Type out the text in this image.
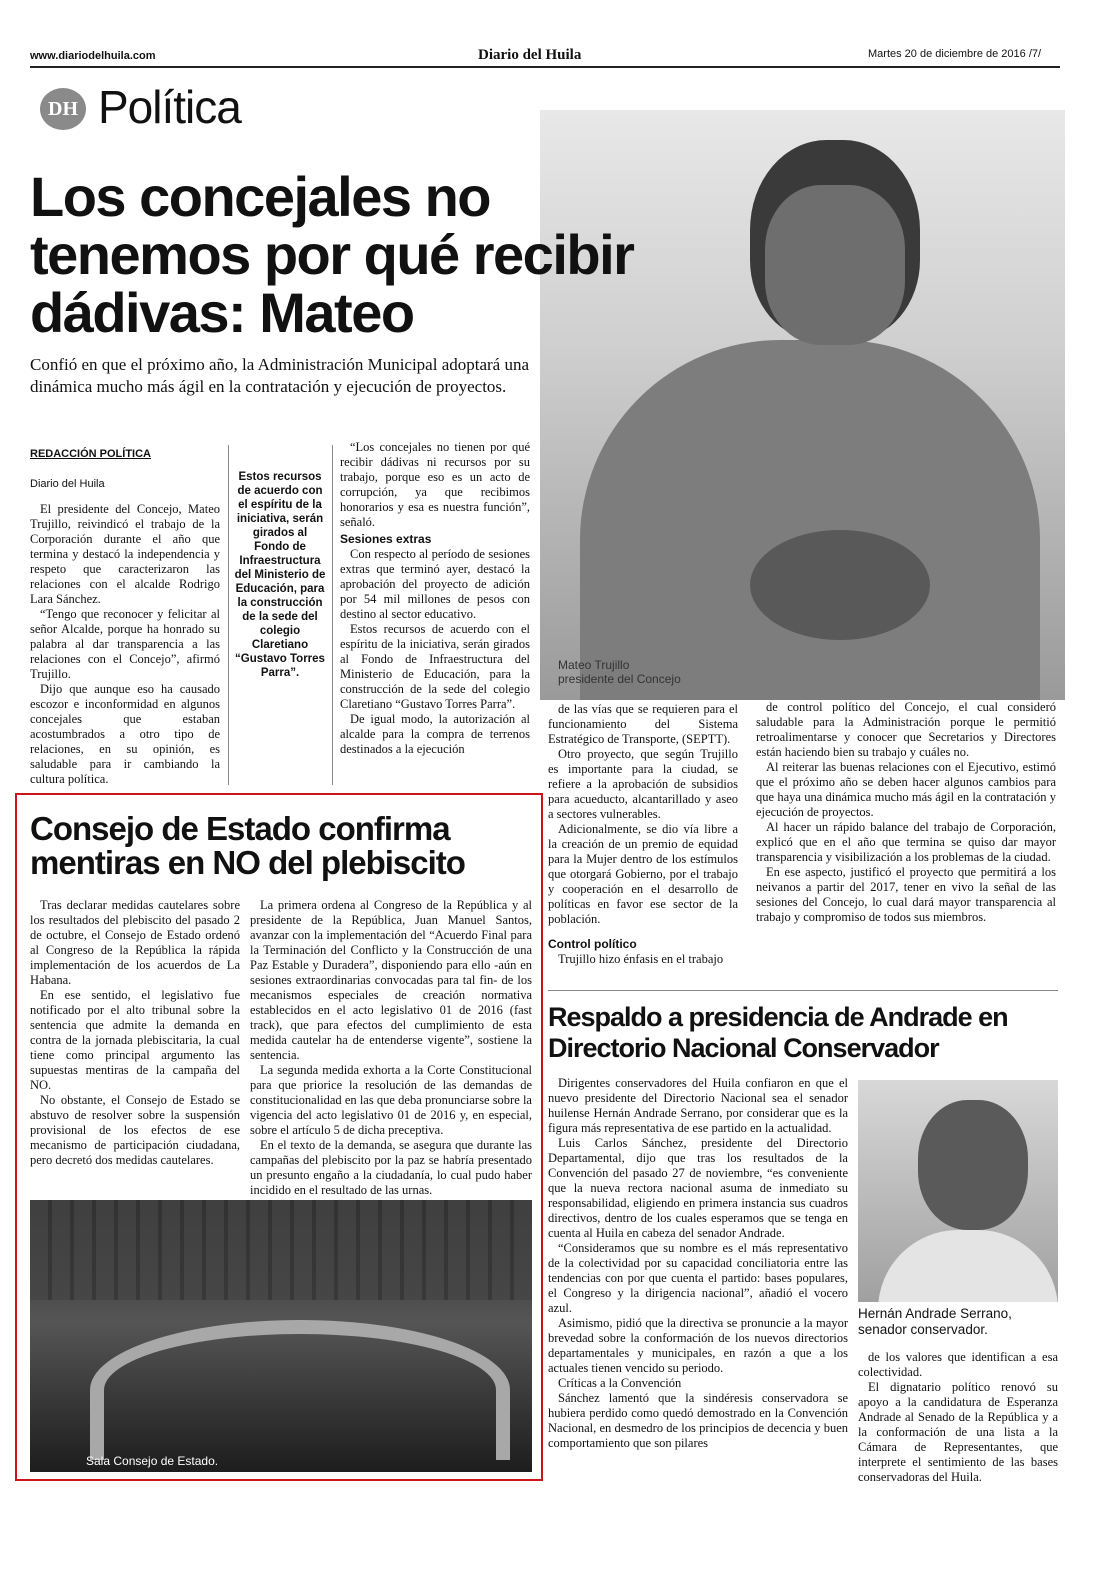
www.diariodelhuila.com	Diario del Huila	Martes 20 de diciembre de 2016 /7/
DH Política
Mateo Trujillo
presidente del Concejo
Los concejales no tenemos por qué recibir dádivas: Mateo
Confió en que el próximo año, la Administración Municipal adoptará una dinámica mucho más ágil en la contratación y ejecución de proyectos.
REDACCIÓN POLÍTICA
Diario del Huila

El presidente del Concejo, Mateo Trujillo, reivindicó el trabajo de la Corporación durante el año que termina y destacó la independencia y respeto que caracterizaron las relaciones con el alcalde Rodrigo Lara Sánchez.

“Tengo que reconocer y felicitar al señor Alcalde, porque ha honrado su palabra al dar transparencia a las relaciones con el Concejo”, afirmó Trujillo.

Dijo que aunque eso ha causado escozor e inconformidad en algunos concejales que estaban acostumbrados a otro tipo de relaciones, en su opinión, es saludable para ir cambiando la cultura política.

Estos recursos de acuerdo con el espíritu de la iniciativa, serán girados al Fondo de Infraestructura del Ministerio de Educación, para la construcción de la sede del colegio Claretiano “Gustavo Torres Parra”.

“Los concejales no tienen por qué recibir dádivas ni recursos por su trabajo, porque eso es un acto de corrupción, ya que recibimos honorarios y esa es nuestra función”, señaló.

Sesiones extras

Con respecto al período de sesiones extras que terminó ayer, destacó la aprobación del proyecto de adición por 54 mil millones de pesos con destino al sector educativo.

Estos recursos de acuerdo con el espíritu de la iniciativa, serán girados al Fondo de Infraestructura del Ministerio de Educación, para la construcción de la sede del colegio Claretiano “Gustavo Torres Parra”.

De igual modo, la autorización al alcalde para la compra de terrenos destinados a la ejecución

de las vías que se requieren para el funcionamiento del Sistema Estratégico de Transporte, (SEPTT).

Otro proyecto, que según Trujillo es importante para la ciudad, se refiere a la aprobación de subsidios para acueducto, alcantarillado y aseo a sectores vulnerables.

Adicionalmente, se dio vía libre a la creación de un premio de equidad para la Mujer dentro de los estímulos que otorgará Gobierno, por el trabajo y cooperación en el desarrollo de políticas en favor ese sector de la población.

Control político

Trujillo hizo énfasis en el trabajo

de control político del Concejo, el cual consideró saludable para la Administración porque le permitió retroalimentarse y conocer que Secretarios y Directores están haciendo bien su trabajo y cuáles no.

Al reiterar las buenas relaciones con el Ejecutivo, estimó que el próximo año se deben hacer algunos cambios para que haya una dinámica mucho más ágil en la contratación y ejecución de proyectos.

Al hacer un rápido balance del trabajo de Corporación, explicó que en el año que termina se quiso dar mayor transparencia y visibilización a los problemas de la ciudad.

En ese aspecto, justificó el proyecto que permitirá a los neivanos a partir del 2017, tener en vivo la señal de las sesiones del Concejo, lo cual dará mayor transparencia al trabajo y compromiso de todos sus miembros.

Consejo de Estado confirma mentiras en NO del plebiscito

Tras declarar medidas cautelares sobre los resultados del plebiscito del pasado 2 de octubre, el Consejo de Estado ordenó al Congreso de la República la rápida implementación de los acuerdos de La Habana.

En ese sentido, el legislativo fue notificado por el alto tribunal sobre la sentencia que admite la demanda en contra de la jornada plebiscitaria, la cual tiene como principal argumento las supuestas mentiras de la campaña del NO.

No obstante, el Consejo de Estado se abstuvo de resolver sobre la suspensión provisional de los efectos de ese mecanismo de participación ciudadana, pero decretó dos medidas cautelares.

La primera ordena al Congreso de la República y al presidente de la República, Juan Manuel Santos, avanzar con la implementación del “Acuerdo Final para la Terminación del Conflicto y la Construcción de una Paz Estable y Duradera”, disponiendo para ello -aún en sesiones extraordinarias convocadas para tal fin- de los mecanismos especiales de creación normativa establecidos en el acto legislativo 01 de 2016 (fast track), que para efectos del cumplimiento de esta medida cautelar ha de entenderse vigente”, sostiene la sentencia.

La segunda medida exhorta a la Corte Constitucional para que priorice la resolución de las demandas de constitucionalidad en las que deba pronunciarse sobre la vigencia del acto legislativo 01 de 2016 y, en especial, sobre el artículo 5 de dicha preceptiva.

En el texto de la demanda, se asegura que durante las campañas del plebiscito por la paz se habría presentado un presunto engaño a la ciudadanía, lo cual pudo haber incidido en el resultado de las urnas.

Sala Consejo de Estado.
Respaldo a presidencia de Andrade en Directorio Nacional Conservador

Dirigentes conservadores del Huila confiaron en que el nuevo presidente del Directorio Nacional sea el senador huilense Hernán Andrade Serrano, por considerar que es la figura más representativa de ese partido en la actualidad.

Luis Carlos Sánchez, presidente del Directorio Departamental, dijo que tras los resultados de la Convención del pasado 27 de noviembre, “es conveniente que la nueva rectora nacional asuma de inmediato su responsabilidad, eligiendo en primera instancia sus cuadros directivos, dentro de los cuales esperamos que se tenga en cuenta al Huila en cabeza del senador Andrade.

“Consideramos que su nombre es el más representativo de la colectividad por su capacidad conciliatoria entre las tendencias con por que cuenta el partido: bases populares, el Congreso y la dirigencia nacional”, añadió el vocero azul.

Asimismo, pidió que la directiva se pronuncie a la mayor brevedad sobre la conformación de los nuevos directorios departamentales y municipales, en razón a que a los actuales tienen vencido su periodo.

Críticas a la Convención

Sánchez lamentó que la sindéresis conservadora se hubiera perdido como quedó demostrado en la Convención Nacional, en desmedro de los principios de decencia y buen comportamiento que son pilares

Hernán Andrade Serrano,
senador conservador.

de los valores que identifican a esa colectividad.

El dignatario político renovó su apoyo a la candidatura de Esperanza Andrade al Senado de la República y a la conformación de una lista a la Cámara de Representantes, que interprete el sentimiento de las bases conservadoras del Huila.
